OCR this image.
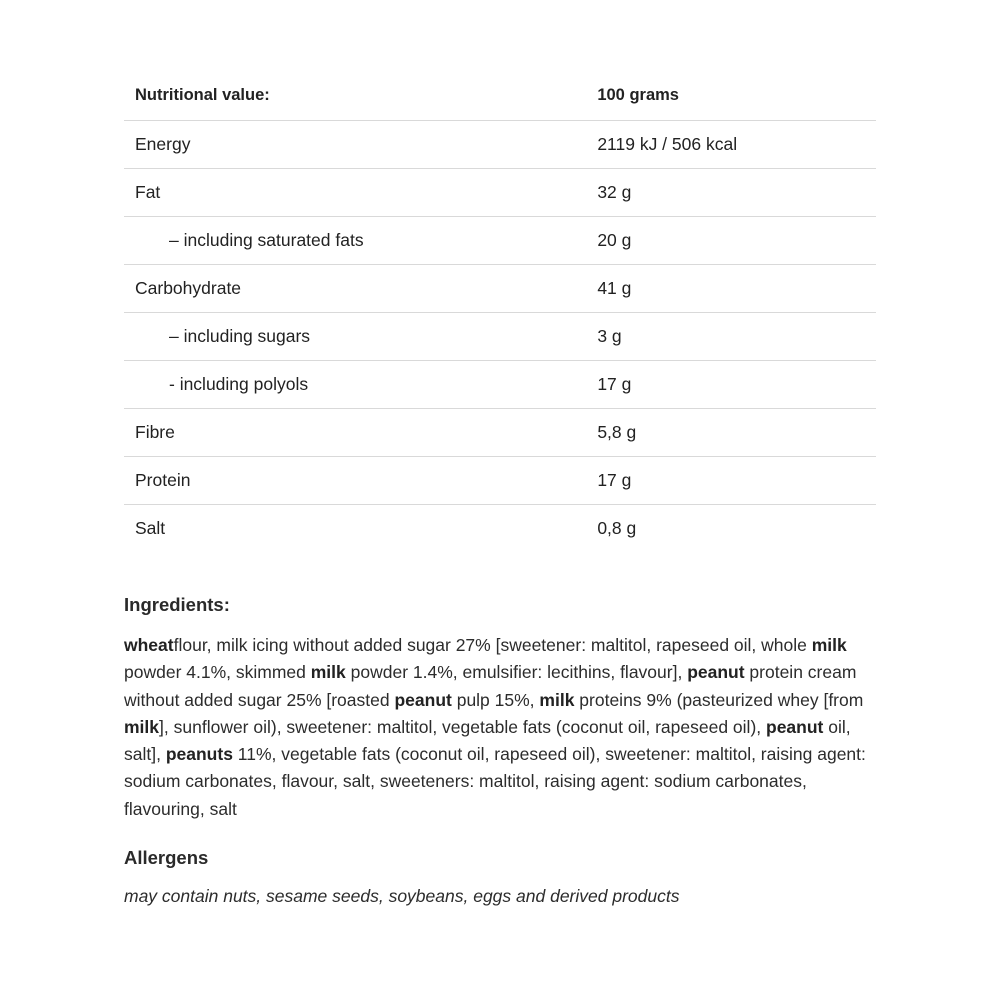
Nutritional value:	100 grams
Energy	2119 kJ / 506 kcal
Fat	32 g
– including saturated fats	20 g
Carbohydrate	41 g
– including sugars	3 g
- including polyols	17 g
Fibre	5,8 g
Protein	17 g
Salt	0,8 g
Ingredients:

wheatflour, milk icing without added sugar 27% [sweetener: maltitol, rapeseed oil, whole milk powder 4.1%, skimmed milk powder 1.4%, emulsifier: lecithins, flavour], peanut protein cream without added sugar 25% [roasted peanut pulp 15%, milk proteins 9% (pasteurized whey [from milk], sunflower oil), sweetener: maltitol, vegetable fats (coconut oil, rapeseed oil), peanut oil, salt], peanuts 11%, vegetable fats (coconut oil, rapeseed oil), sweetener: maltitol, raising agent: sodium carbonates, flavour, salt, sweeteners: maltitol, raising agent: sodium carbonates, flavouring, salt

Allergens

may contain nuts, sesame seeds, soybeans, eggs and derived products
